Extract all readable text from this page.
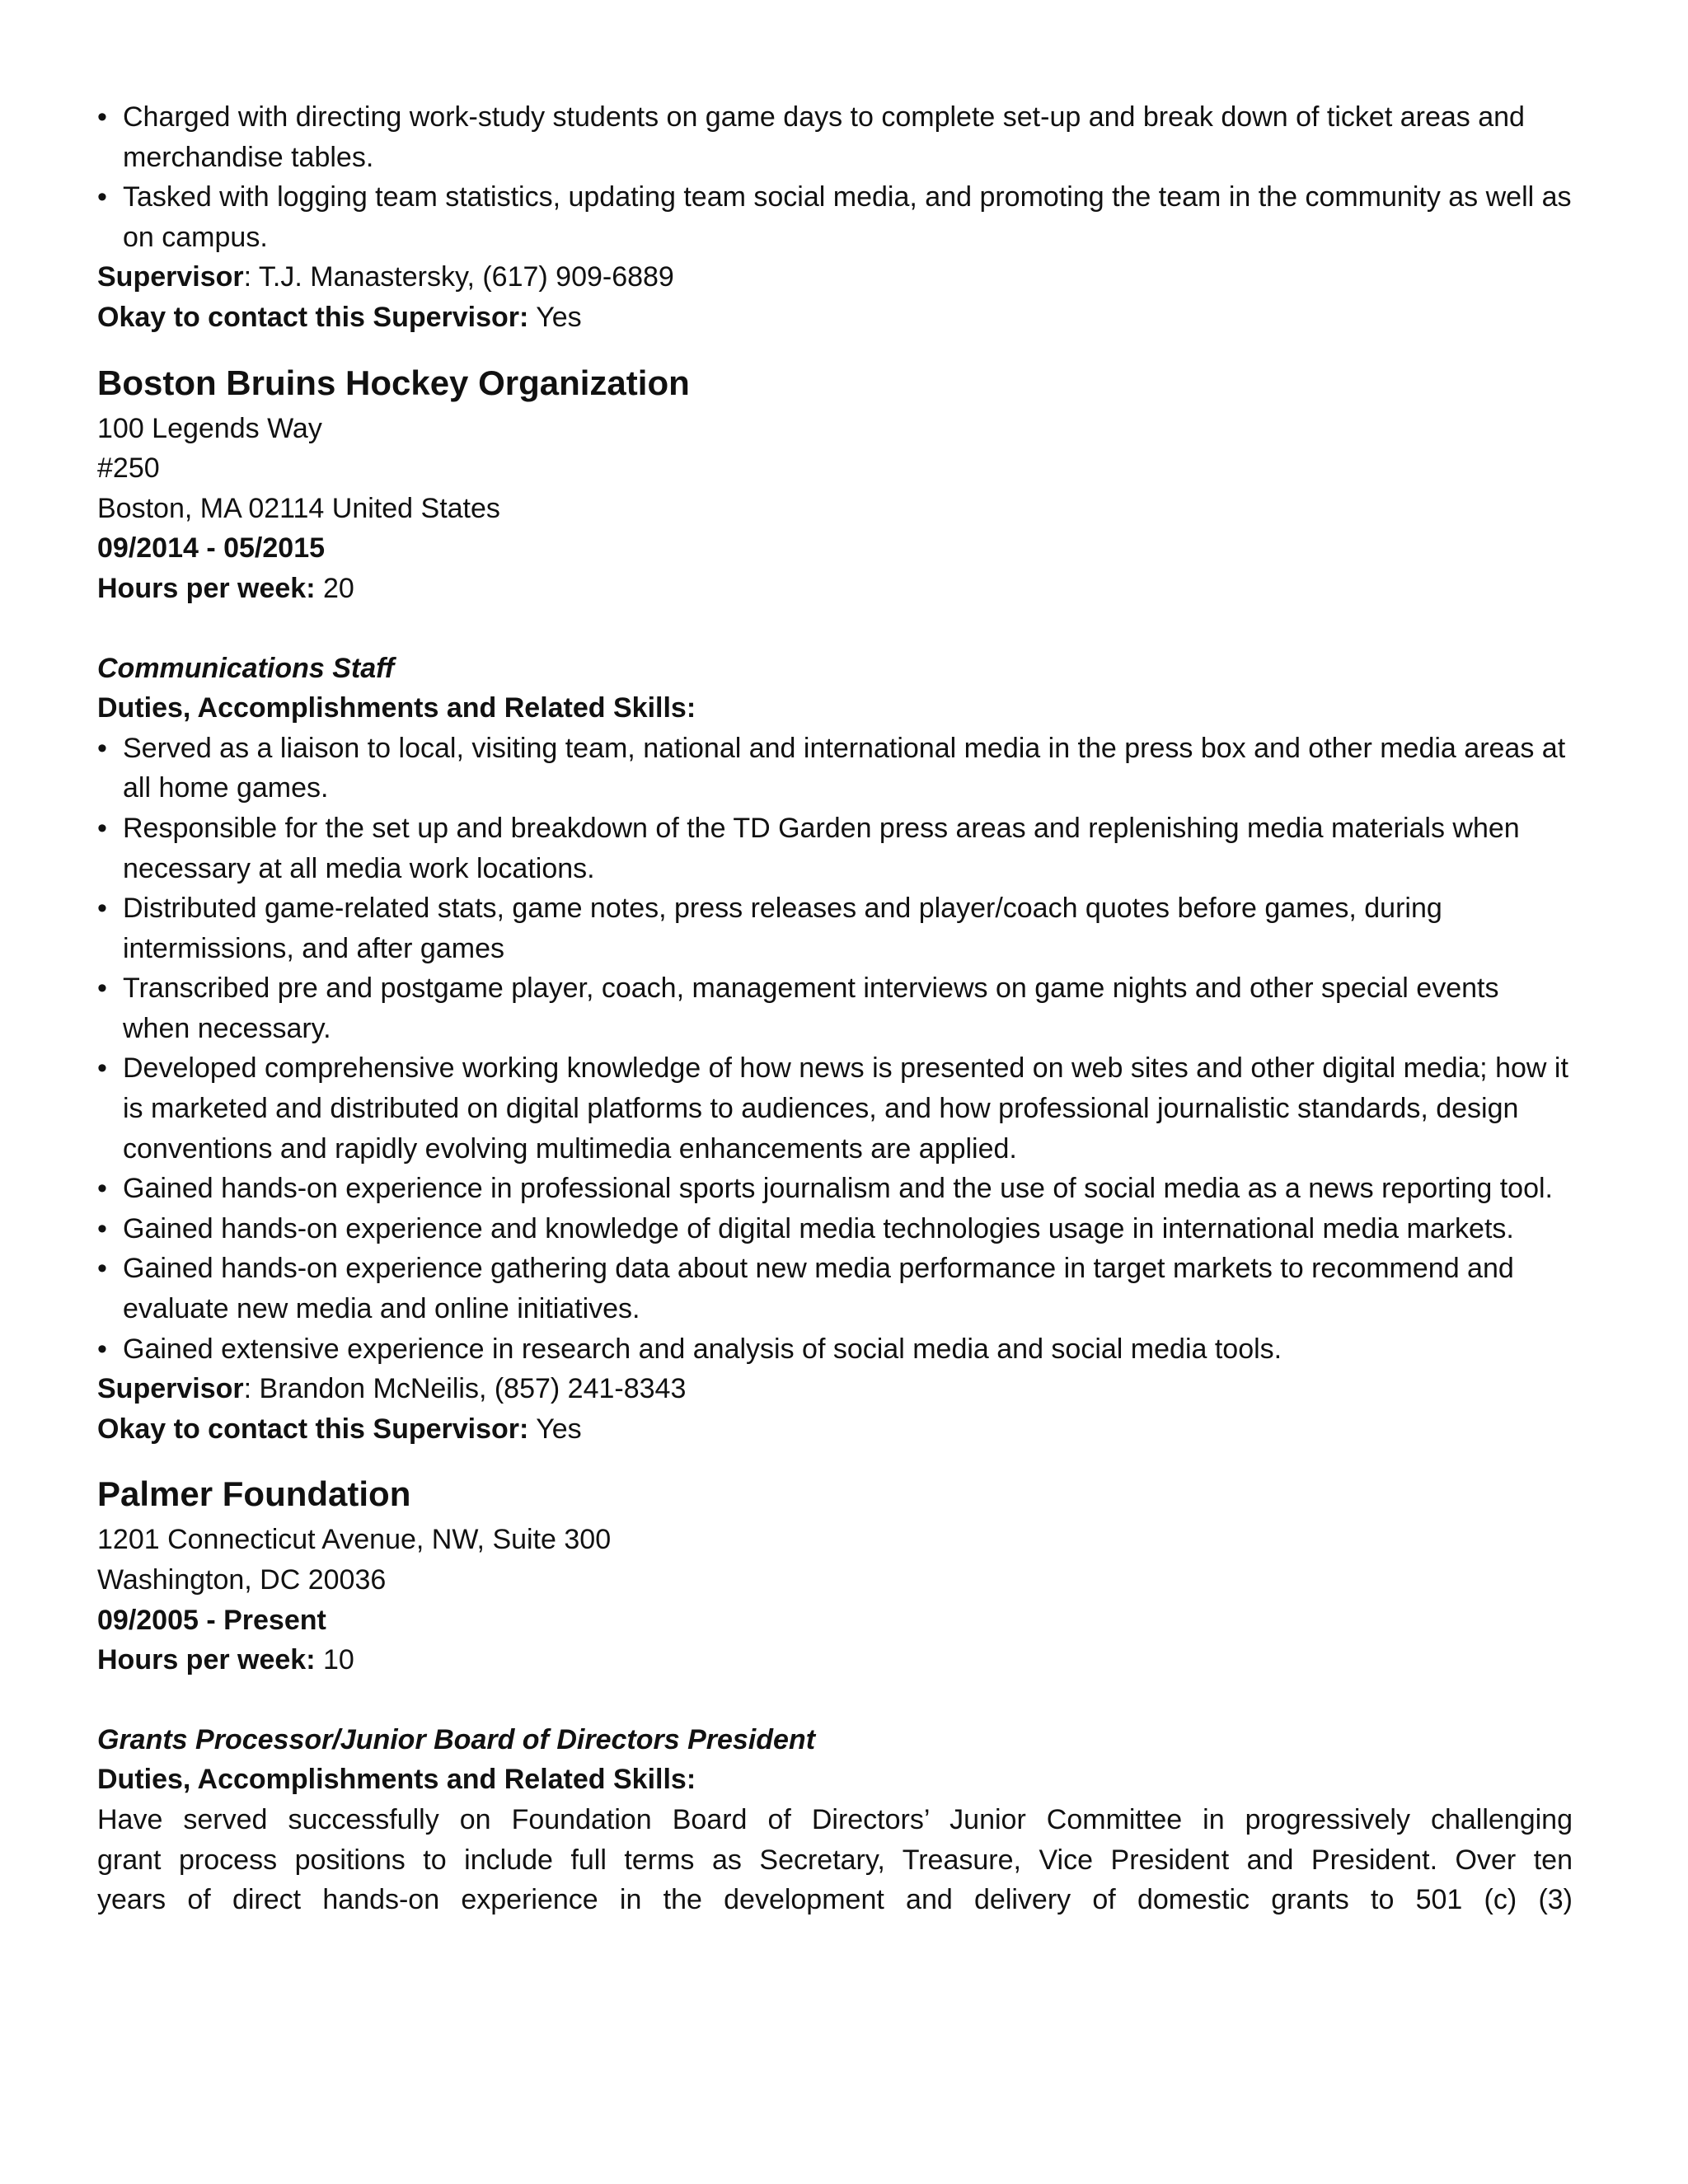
• Charged with directing work-study students on game days to complete set-up and break down of ticket areas and merchandise tables.
• Tasked with logging team statistics, updating team social media, and promoting the team in the community as well as on campus.
Supervisor: T.J. Manastersky, (617) 909-6889
Okay to contact this Supervisor: Yes
Boston Bruins Hockey Organization
100 Legends Way
#250
Boston, MA 02114 United States
09/2014 - 05/2015
Hours per week: 20
Communications Staff
Duties, Accomplishments and Related Skills:
• Served as a liaison to local, visiting team, national and international media in the press box and other media areas at all home games.
• Responsible for the set up and breakdown of the TD Garden press areas and replenishing media materials when necessary at all media work locations.
• Distributed game-related stats, game notes, press releases and player/coach quotes before games, during intermissions, and after games
• Transcribed pre and postgame player, coach, management interviews on game nights and other special events when necessary.
• Developed comprehensive working knowledge of how news is presented on web sites and other digital media; how it is marketed and distributed on digital platforms to audiences, and how professional journalistic standards, design conventions and rapidly evolving multimedia enhancements are applied.
• Gained hands-on experience in professional sports journalism and the use of social media as a news reporting tool.
• Gained hands-on experience and knowledge of digital media technologies usage in international media markets.
• Gained hands-on experience gathering data about new media performance in target markets to recommend and evaluate new media and online initiatives.
• Gained extensive experience in research and analysis of social media and social media tools.
Supervisor: Brandon McNeilis, (857) 241-8343
Okay to contact this Supervisor: Yes
Palmer Foundation
1201 Connecticut Avenue, NW, Suite 300
Washington, DC 20036
09/2005 - Present
Hours per week: 10
Grants Processor/Junior Board of Directors President
Duties, Accomplishments and Related Skills:
Have served successfully on Foundation Board of Directors’ Junior Committee in progressively challenging
grant process positions to include full terms as Secretary, Treasure, Vice President and President. Over ten
years of direct hands-on experience in the development and delivery of domestic grants to 501 (c) (3)
